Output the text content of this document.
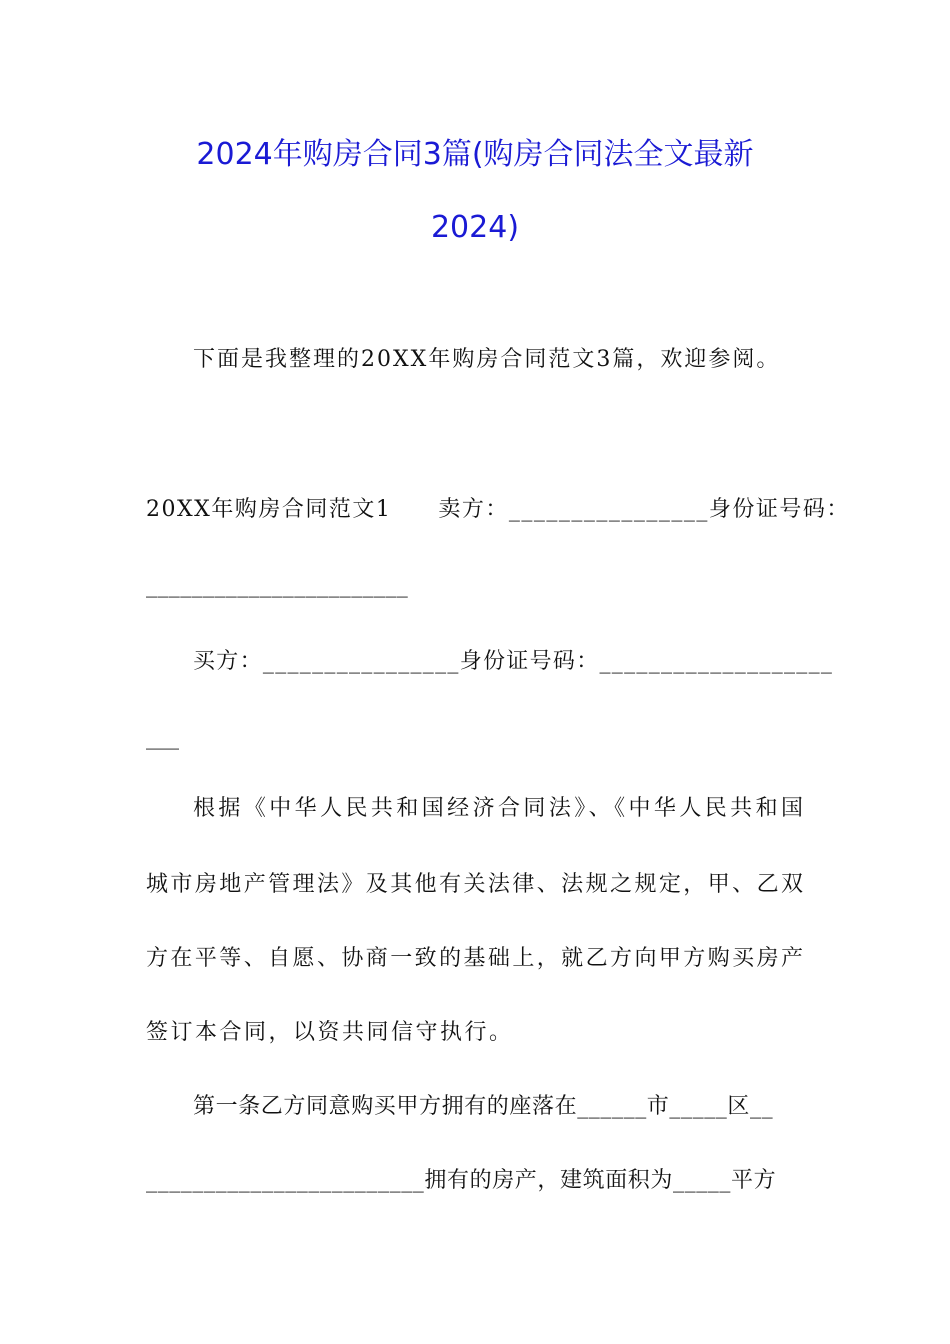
2024年购房合同3篇(购房合同法全文最新
2024)
下面是我整理的20XX年购房合同范文3篇，欢迎参阅。
20XX年购房合同范文1　　卖方：________________身份证号码：
_______________________
买方：________________身份证号码：___________________
___
根据《中华人民共和国经济合同法》、《中华人民共和国
城市房地产管理法》及其他有关法律、法规之规定，甲、乙双
方在平等、自愿、协商一致的基础上，就乙方向甲方购买房产
签订本合同，以资共同信守执行。
第一条乙方同意购买甲方拥有的座落在______市_____区__
________________________拥有的房产，建筑面积为_____平方
